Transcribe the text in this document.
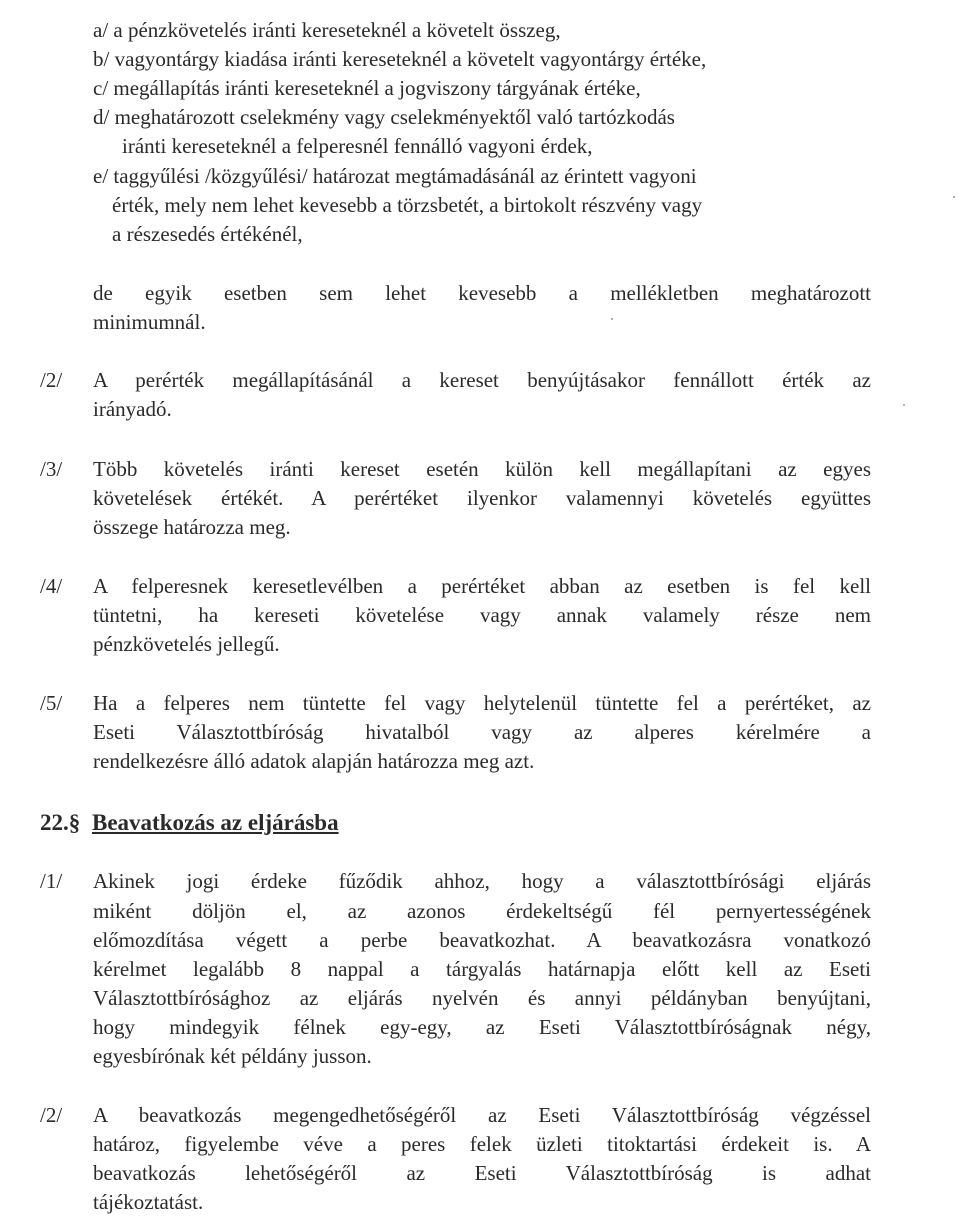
a/ a pénzkövetelés iránti kereseteknél a követelt összeg,
b/ vagyontárgy kiadása iránti kereseteknél a követelt vagyontárgy értéke,
c/ megállapítás iránti kereseteknél a jogviszony tárgyának értéke,
d/ meghatározott cselekmény vagy cselekményektől való tartózkodás
iránti kereseteknél a felperesnél fennálló vagyoni érdek,
e/ taggyűlési /közgyűlési/ határozat megtámadásánál az érintett vagyoni
érték, mely nem lehet kevesebb a törzsbetét, a birtokolt részvény vagy
a részesedés értékénél,
de egyik esetben sem lehet kevesebb a mellékletben meghatározott
minimumnál.
/2/ A perérték megállapításánál a kereset benyújtásakor fennállott érték az
irányadó.
/3/ Több követelés iránti kereset esetén külön kell megállapítani az egyes
követelések értékét. A perértéket ilyenkor valamennyi követelés együttes
összege határozza meg.
/4/ A felperesnek keresetlevélben a perértéket abban az esetben is fel kell
tüntetni, ha kereseti követelése vagy annak valamely része nem
pénzkövetelés jellegű.
/5/ Ha a felperes nem tüntette fel vagy helytelenül tüntette fel a perértéket, az
Eseti Választottbíróság hivatalból vagy az alperes kérelmére a
rendelkezésre álló adatok alapján határozza meg azt.
22.§ Beavatkozás az eljárásba
/1/ Akinek jogi érdeke fűződik ahhoz, hogy a választottbírósági eljárás
miként döljön el, az azonos érdekeltségű fél pernyertességének
előmozdítása végett a perbe beavatkozhat. A beavatkozásra vonatkozó
kérelmet legalább 8 nappal a tárgyalás határnapja előtt kell az Eseti
Választottbírósághoz az eljárás nyelvén és annyi példányban benyújtani,
hogy mindegyik félnek egy-egy, az Eseti Választottbíróságnak négy,
egyesbírónak két példány jusson.
/2/ A beavatkozás megengedhetőségéről az Eseti Választottbíróság végzéssel
határoz, figyelembe véve a peres felek üzleti titoktartási érdekeit is. A
beavatkozás lehetőségéről az Eseti Választottbíróság is adhat
tájékoztatást.
